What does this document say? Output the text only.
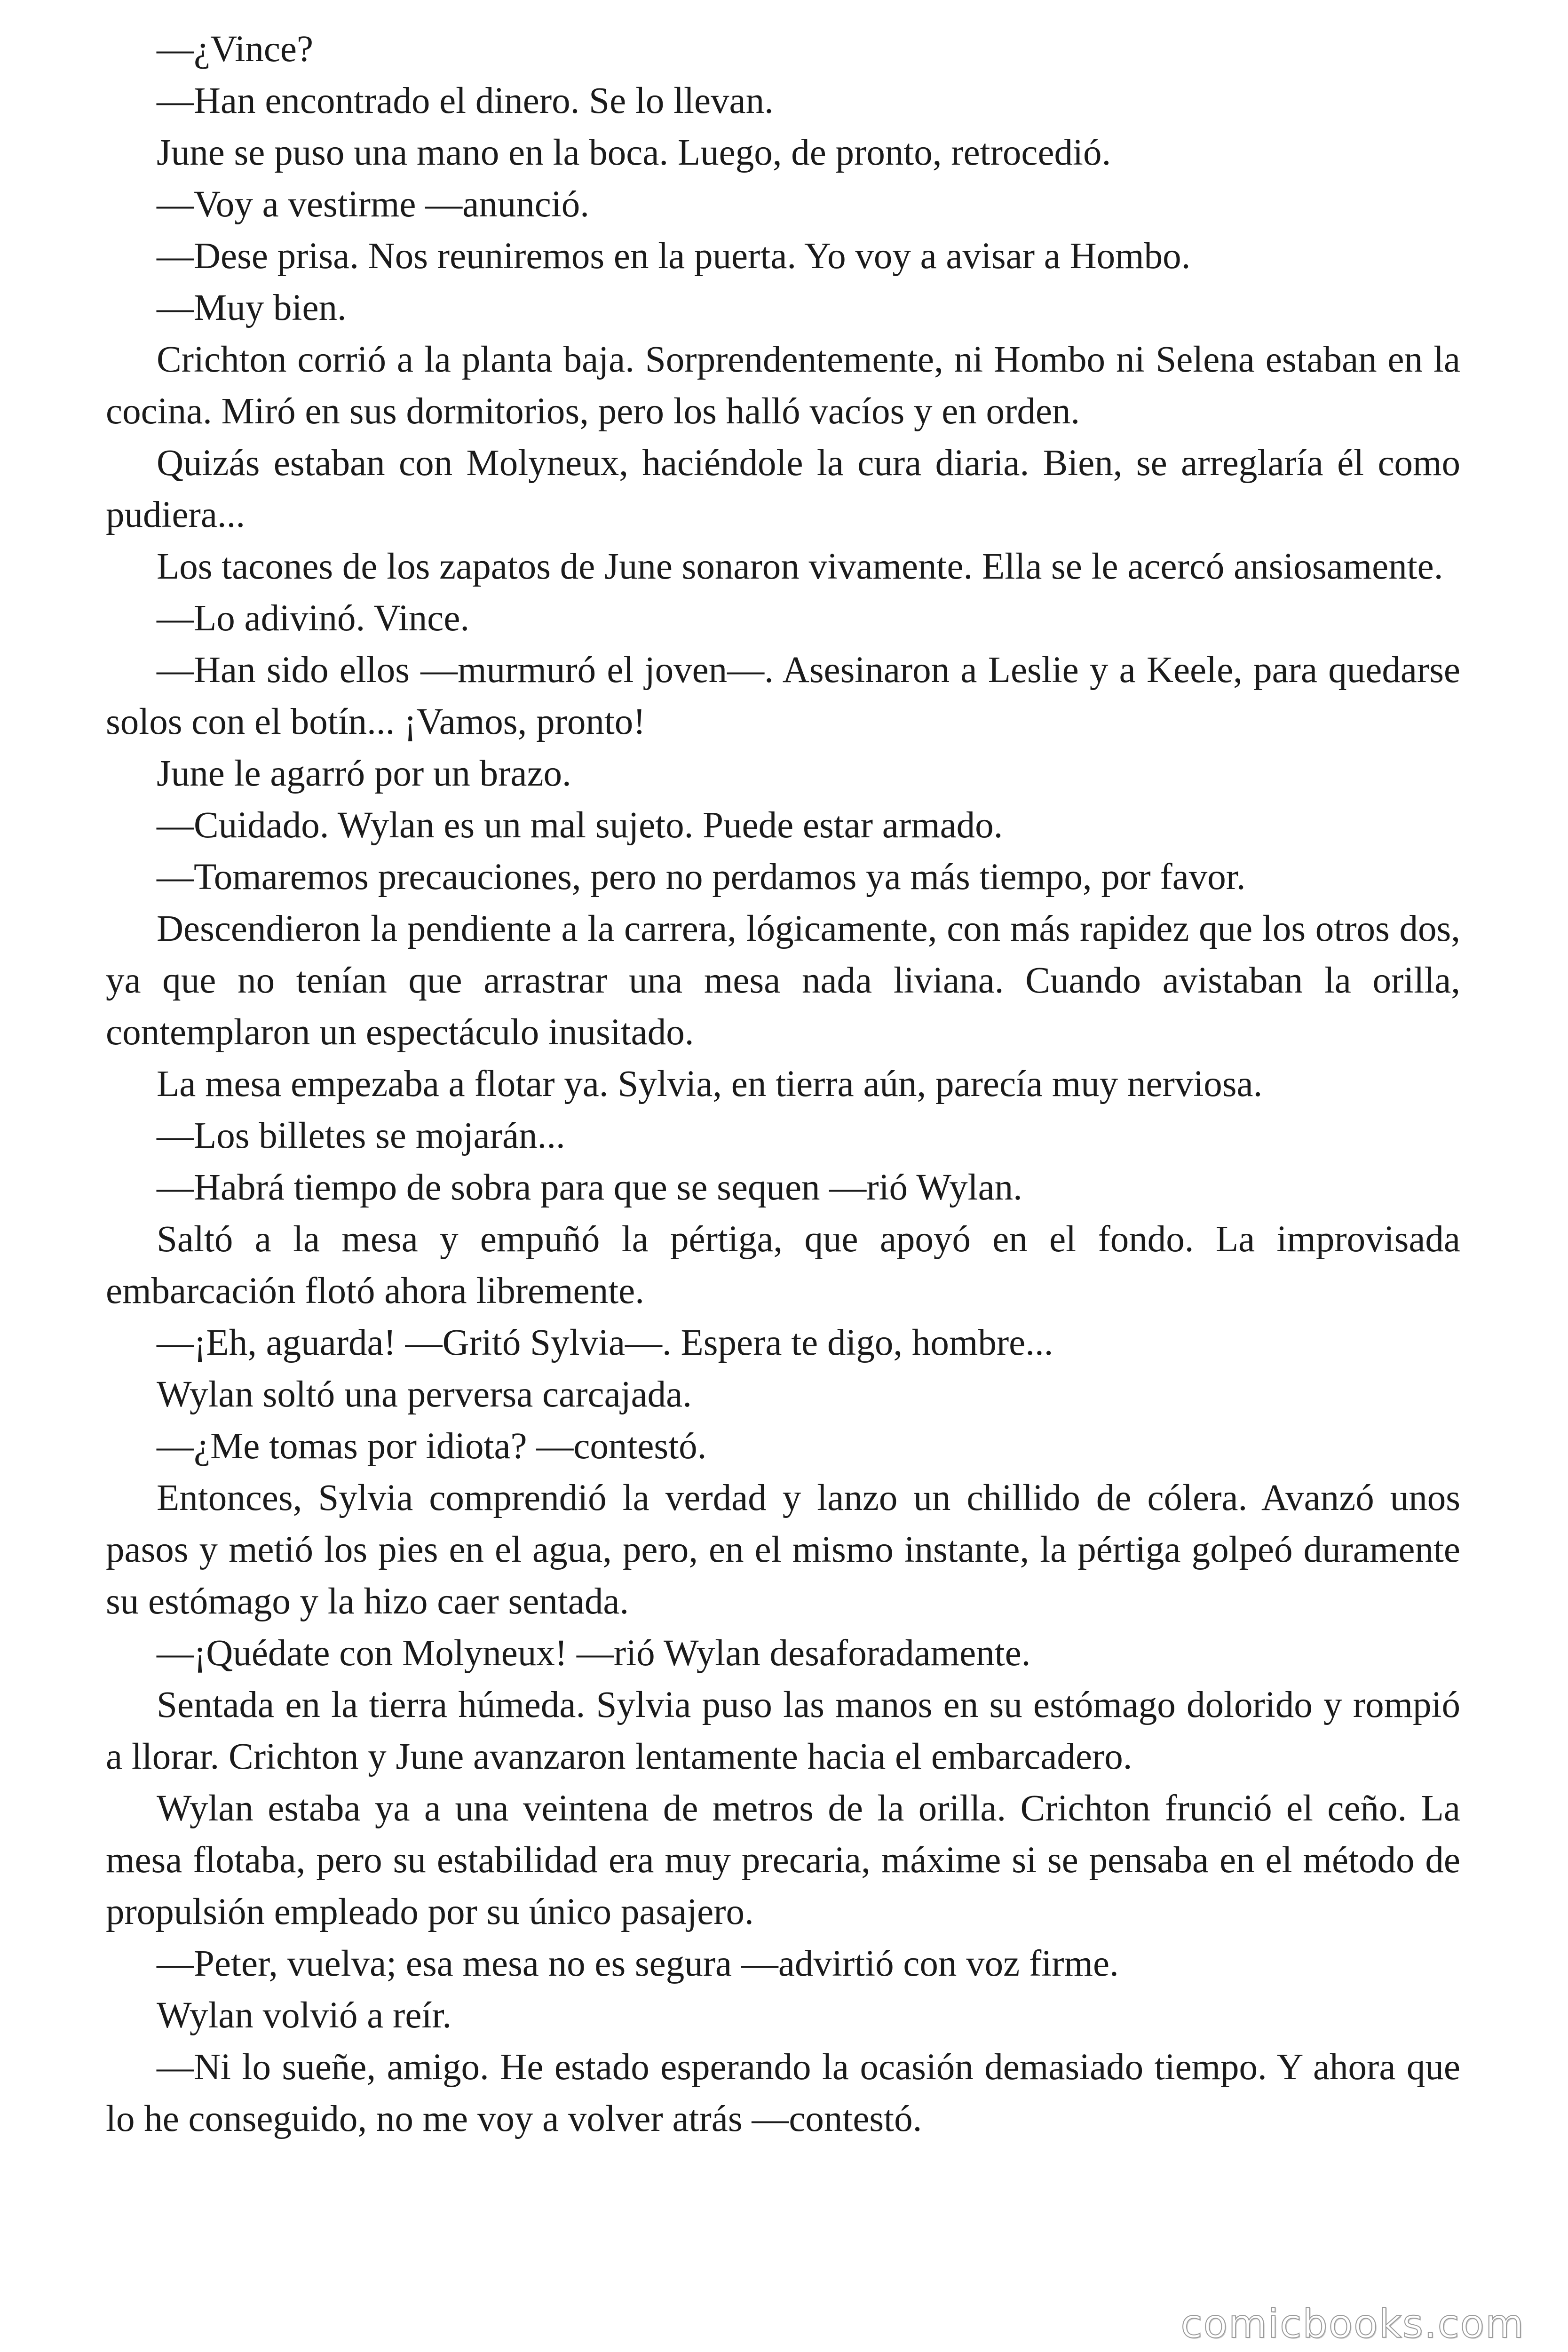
—¿Vince?

—Han encontrado el dinero. Se lo llevan.

June se puso una mano en la boca. Luego, de pronto, retrocedió.

—Voy a vestirme —anunció.

—Dese prisa. Nos reuniremos en la puerta. Yo voy a avisar a Hombo.

—Muy bien.

Crichton corrió a la planta baja. Sorprendentemente, ni Hombo ni Selena estaban en la cocina. Miró en sus dormitorios, pero los halló vacíos y en orden.

Quizás estaban con Molyneux, haciéndole la cura diaria. Bien, se arreglaría él como pudiera...

Los tacones de los zapatos de June sonaron vivamente. Ella se le acercó ansiosamente.

—Lo adivinó. Vince.

—Han sido ellos —murmuró el joven—. Asesinaron a Leslie y a Keele, para quedarse solos con el botín... ¡Vamos, pronto!

June le agarró por un brazo.

—Cuidado. Wylan es un mal sujeto. Puede estar armado.

—Tomaremos precauciones, pero no perdamos ya más tiempo, por favor.

Descendieron la pendiente a la carrera, lógicamente, con más rapidez que los otros dos, ya que no tenían que arrastrar una mesa nada liviana. Cuando avistaban la orilla, contemplaron un espectáculo inusitado.

La mesa empezaba a flotar ya. Sylvia, en tierra aún, parecía muy nerviosa.

—Los billetes se mojarán...

—Habrá tiempo de sobra para que se sequen —rió Wylan.

Saltó a la mesa y empuñó la pértiga, que apoyó en el fondo. La improvisada embarcación flotó ahora libremente.

—¡Eh, aguarda! —Gritó Sylvia—. Espera te digo, hombre...

Wylan soltó una perversa carcajada.

—¿Me tomas por idiota? —contestó.

Entonces, Sylvia comprendió la verdad y lanzo un chillido de cólera. Avanzó unos pasos y metió los pies en el agua, pero, en el mismo instante, la pértiga golpeó duramente su estómago y la hizo caer sentada.

—¡Quédate con Molyneux! —rió Wylan desaforadamente.

Sentada en la tierra húmeda. Sylvia puso las manos en su estómago dolorido y rompió a llorar. Crichton y June avanzaron lentamente hacia el embarcadero.

Wylan estaba ya a una veintena de metros de la orilla. Crichton frunció el ceño. La mesa flotaba, pero su estabilidad era muy precaria, máxime si se pensaba en el método de propulsión empleado por su único pasajero.

—Peter, vuelva; esa mesa no es segura —advirtió con voz firme.

Wylan volvió a reír.

—Ni lo sueñe, amigo. He estado esperando la ocasión demasiado tiempo. Y ahora que lo he conseguido, no me voy a volver atrás —contestó.

comicbooks.com
